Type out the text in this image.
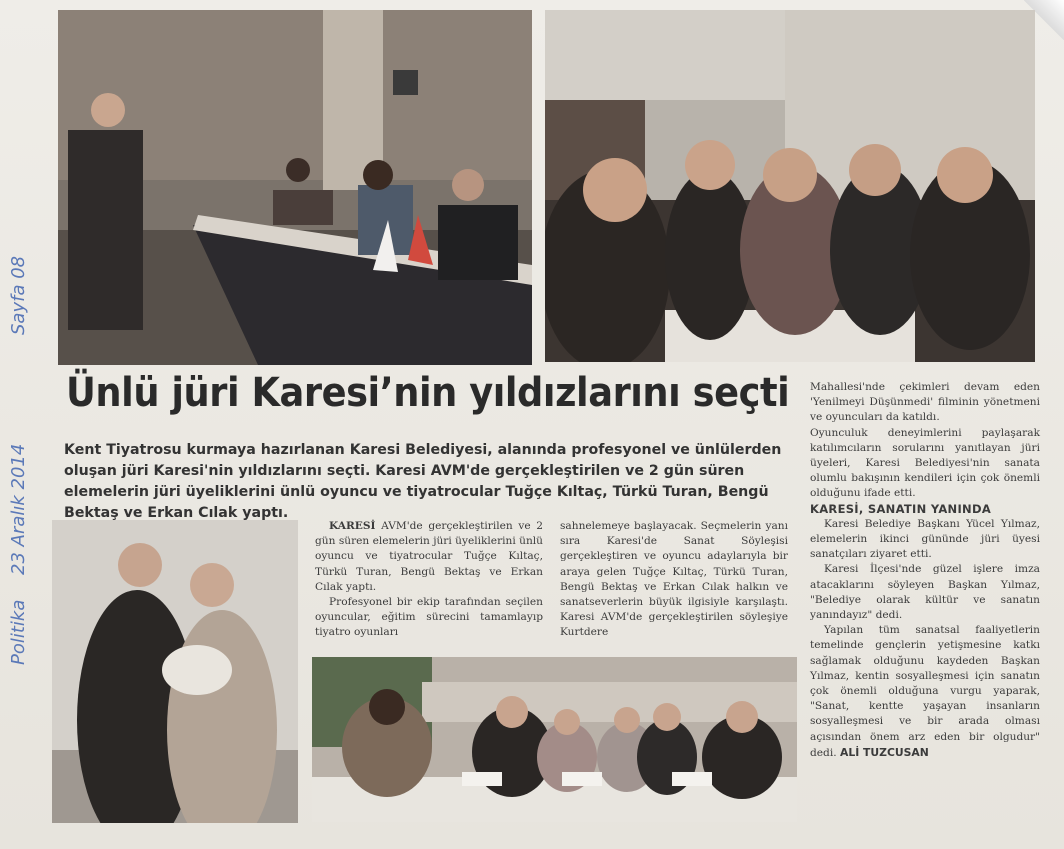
Politika
23 Aralık 2014
Sayfa 08
Ünlü jüri Karesi’nin yıldızlarını seçti

Kent Tiyatrosu kurmaya hazırlanan Karesi Belediyesi, alanında profesyonel ve ünlülerden oluşan jüri Karesi'nin yıldızlarını seçti. Karesi AVM'de gerçekleştirilen ve 2 gün süren elemelerin jüri üyeliklerini ünlü oyuncu ve tiyatrocular Tuğçe Kıltaç, Türkü Turan, Bengü Bektaş ve Erkan Cılak yaptı.

KARESİ AVM'de gerçekleştirilen ve 2 gün süren elemelerin jüri üyeliklerini ünlü oyuncu ve tiyatrocular Tuğçe Kıltaç, Türkü Turan, Bengü Bektaş ve Erkan Cılak yaptı.

Profesyonel bir ekip tarafından seçilen oyuncular, eğitim sürecini tamamlayıp tiyatro oyunları

sahnelemeye başlayacak. Seçmelerin yanı sıra Karesi'de Sanat Söyleşisi gerçekleştiren ve oyuncu adaylarıyla bir araya gelen Tuğçe Kıltaç, Türkü Turan, Bengü Bektaş ve Erkan Cılak halkın ve sanatseverlerin büyük ilgisiyle karşılaştı. Karesi AVM'de gerçekleştirilen söyleşiye Kurtdere

Mahallesi'nde çekimleri devam eden 'Yenilmeyi Düşünmedi' filminin yönetmeni ve oyuncuları da katıldı.

Oyunculuk deneyimlerini paylaşarak katılımcıların sorularını yanıtlayan jüri üyeleri, Karesi Belediyesi'nin sanata olumlu bakışının kendileri için çok önemli olduğunu ifade etti.

KARESİ, SANATIN YANINDA

Karesi Belediye Başkanı Yücel Yılmaz, elemelerin ikinci gününde jüri üyesi sanatçıları ziyaret etti.

Karesi İlçesi'nde güzel işlere imza atacaklarını söyleyen Başkan Yılmaz, "Belediye olarak kültür ve sanatın yanındayız" dedi.

Yapılan tüm sanatsal faaliyetlerin temelinde gençlerin yetişmesine katkı sağlamak olduğunu kaydeden Başkan Yılmaz, kentin sosyalleşmesi için sanatın çok önemli olduğuna vurgu yaparak, "Sanat, kentte yaşayan insanların sosyalleşmesi ve bir arada olması açısından önem arz eden bir olgudur" dedi. ALİ TUZCUSAN
